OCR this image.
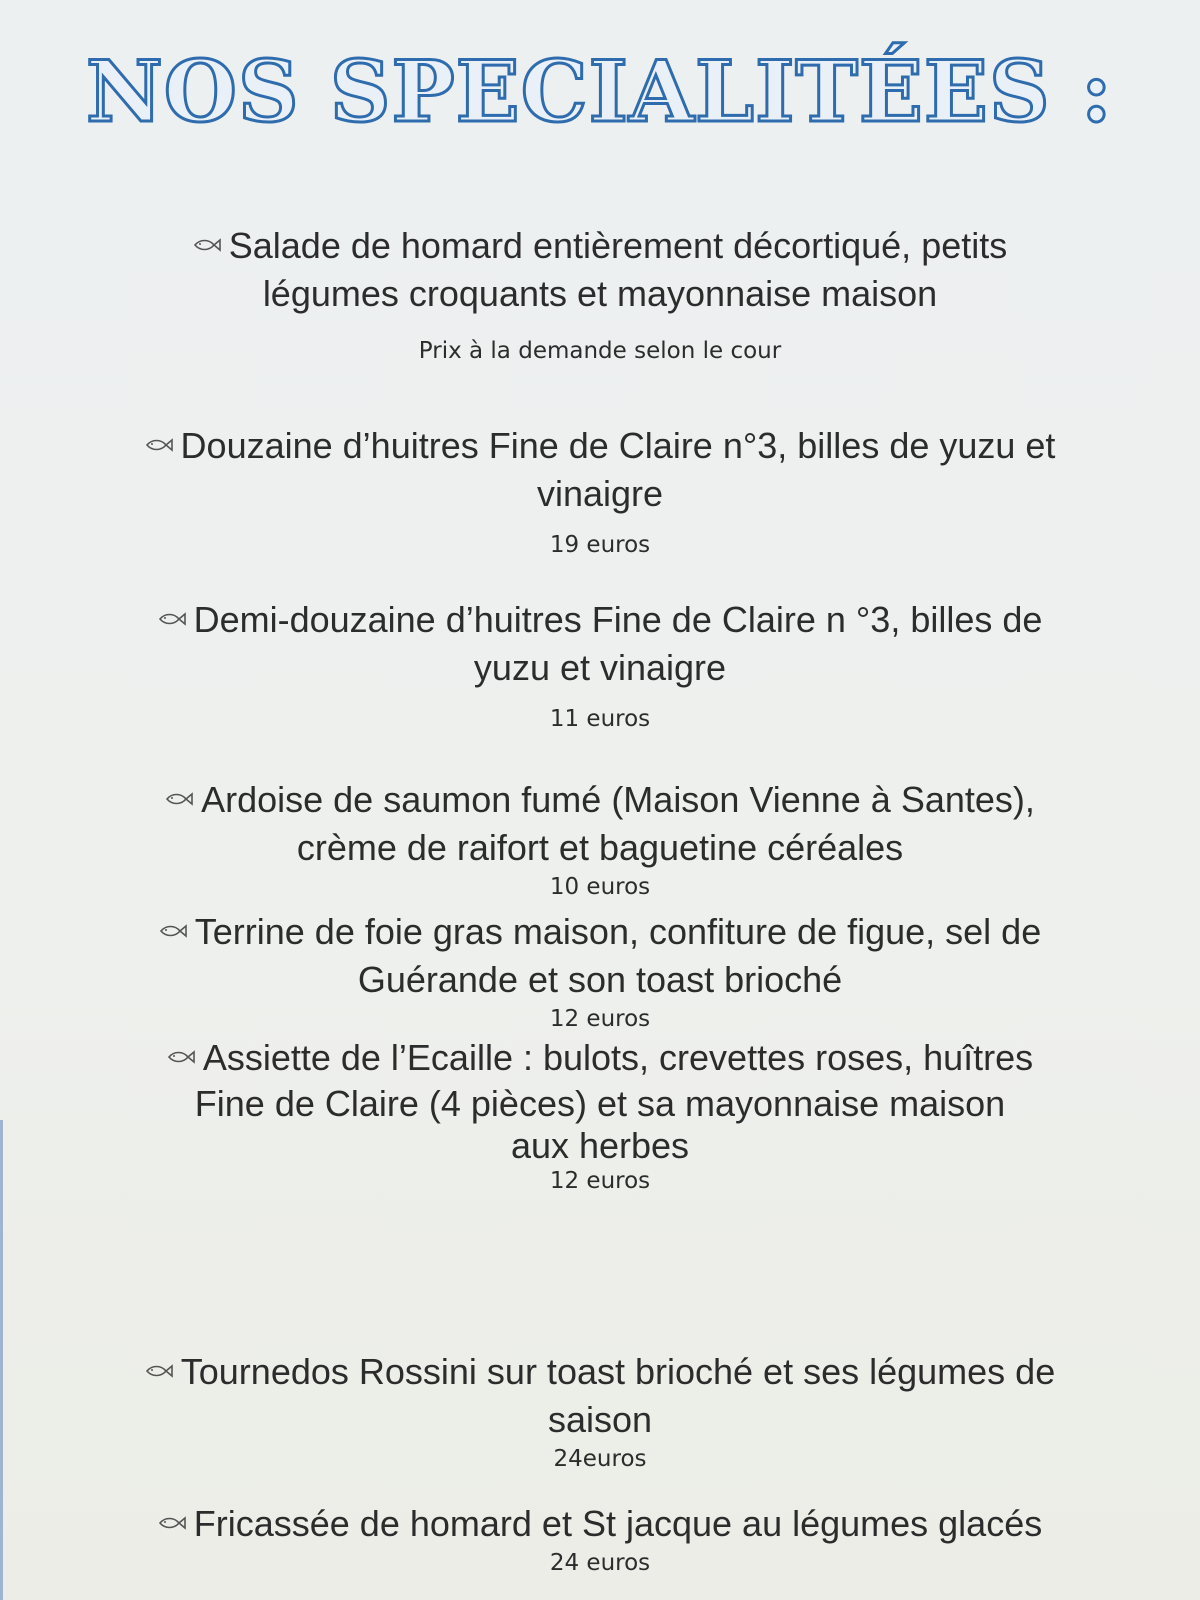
NOS SPECIALITÉES :

Salade de homard entièrement décortiqué, petits

légumes croquants et mayonnaise maison

Prix à la demande selon le cour

Douzaine d’huitres Fine de Claire n°3, billes de yuzu et

vinaigre

19 euros

Demi-douzaine d’huitres Fine de Claire n °3, billes de

yuzu et vinaigre

11 euros

Ardoise de saumon fumé (Maison Vienne à Santes),

crème de raifort et baguetine céréales

10 euros

Terrine de foie gras maison, confiture de figue, sel de

Guérande et son toast brioché

12 euros

Assiette de l’Ecaille : bulots, crevettes roses, huîtres

Fine de Claire (4 pièces) et sa mayonnaise maison

aux herbes

12 euros

Tournedos Rossini sur toast brioché et ses légumes de

saison

24euros

Fricassée de homard et St jacque au légumes glacés

24 euros
